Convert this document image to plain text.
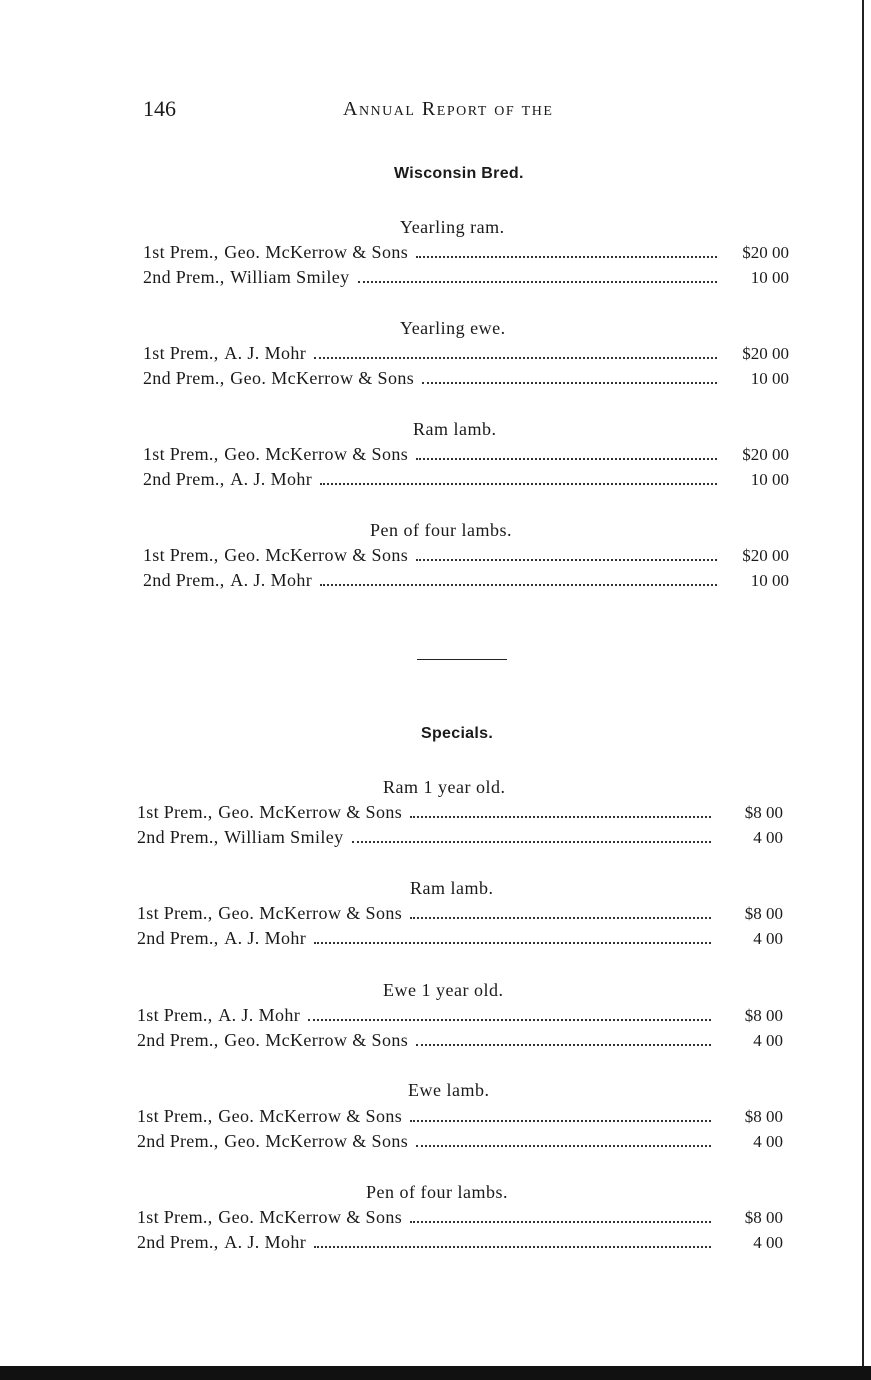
146	Annual Report of the
Wisconsin Bred.
Yearling ram.
1st Prem. , Geo. McKerrow & Sons	$20 00
2nd Prem. , William Smiley	10 00
Yearling ewe.
1st Prem. , A. J. Mohr	$20 00
2nd Prem. , Geo. McKerrow & Sons	10 00
Ram lamb.
1st Prem. , Geo. McKerrow & Sons	$20 00
2nd Prem. , A. J. Mohr	10 00
Pen of four lambs.
1st Prem. , Geo. McKerrow & Sons	$20 00
2nd Prem. , A. J. Mohr	10 00
Specials.
Ram 1 year old.
1st Prem. , Geo. McKerrow & Sons	$8 00
2nd Prem. , William Smiley	4 00
Ram lamb.
1st Prem. , Geo. McKerrow & Sons	$8 00
2nd Prem. , A. J. Mohr	4 00
Ewe 1 year old.
1st Prem. , A. J. Mohr	$8 00
2nd Prem. , Geo. McKerrow & Sons	4 00
Ewe lamb.
1st Prem. , Geo. McKerrow & Sons	$8 00
2nd Prem. , Geo. McKerrow & Sons	4 00
Pen of four lambs.
1st Prem. , Geo. McKerrow & Sons	$8 00
2nd Prem. , A. J. Mohr	4 00
